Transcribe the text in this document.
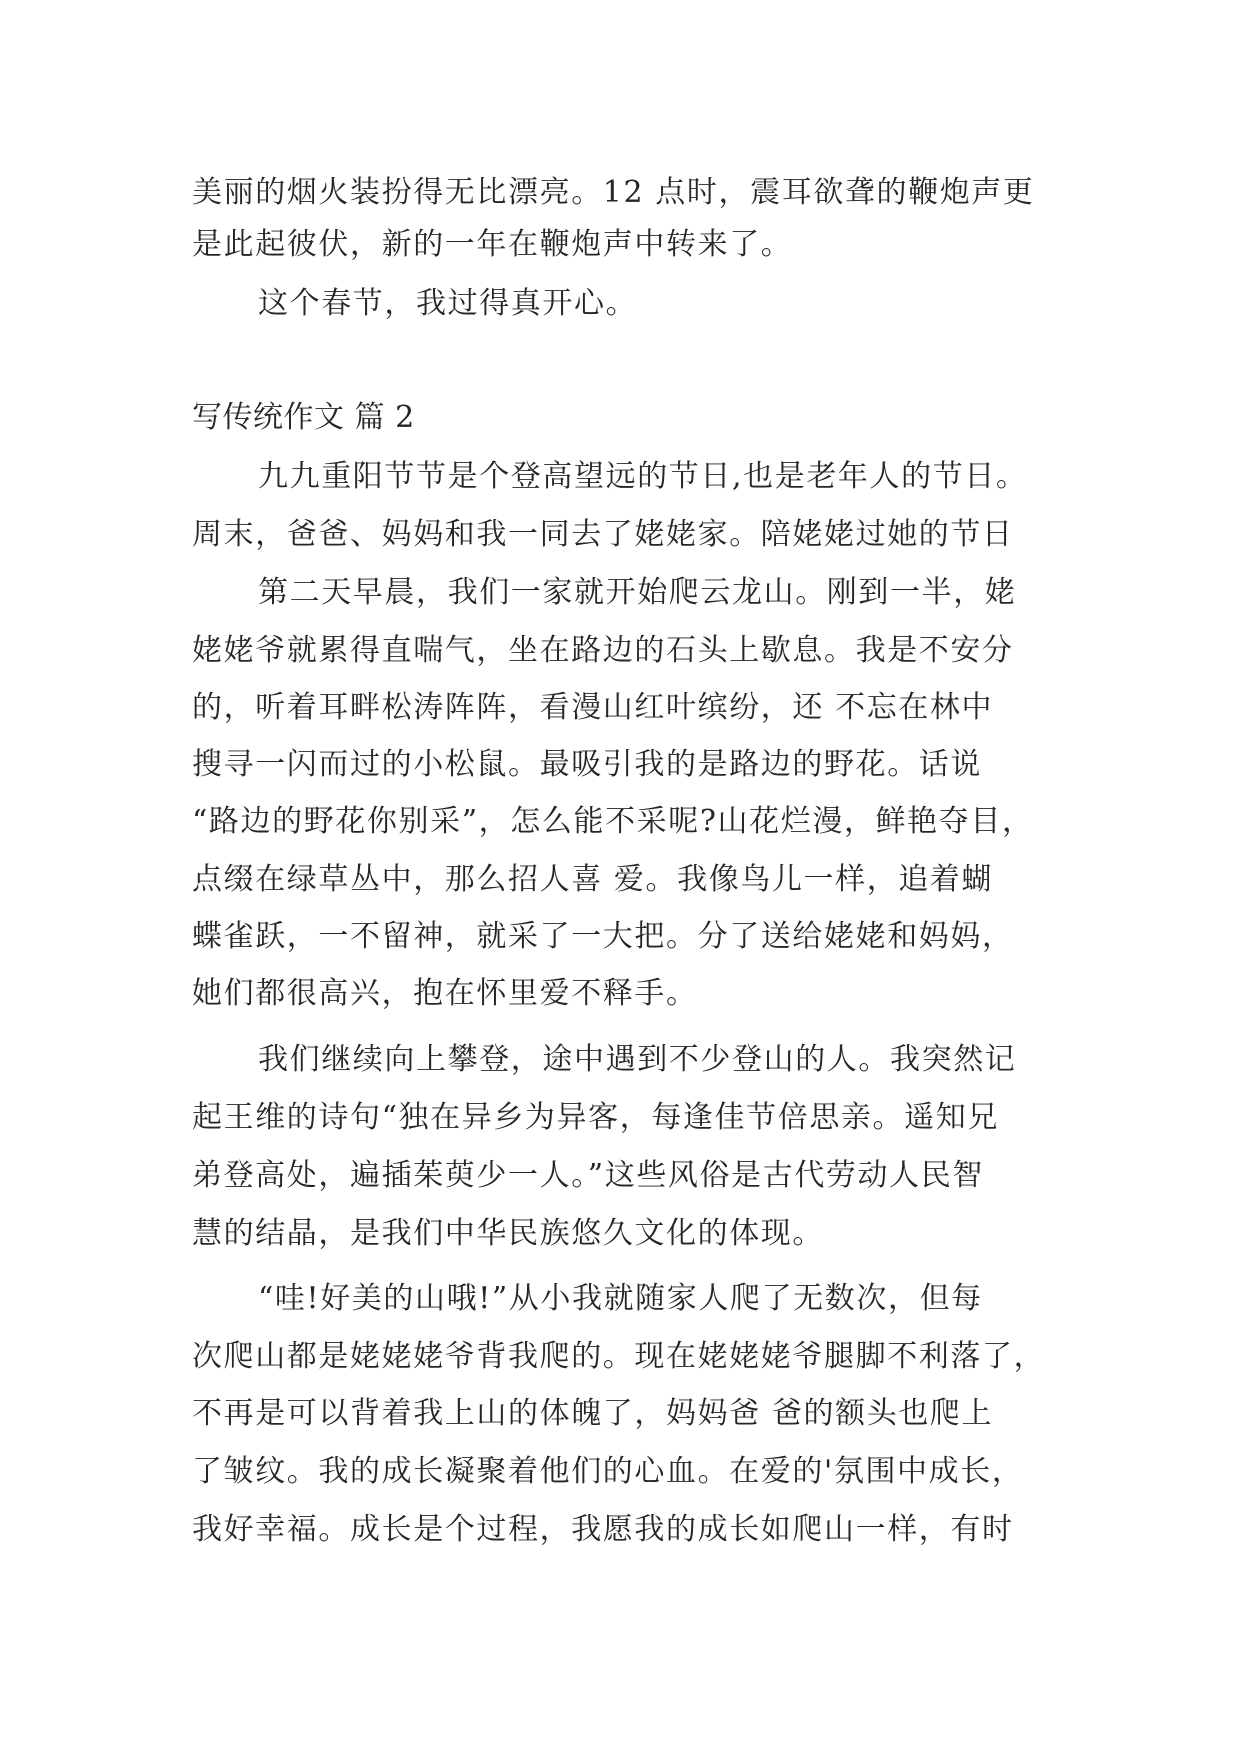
美丽的烟火装扮得无比漂亮。12 点时，震耳欲聋的鞭炮声更
是此起彼伏，新的一年在鞭炮声中转来了。
这个春节，我过得真开心。
写传统作文 篇 2
九九重阳节节是个登高望远的节日,也是老年人的节日。
周末，爸爸、妈妈和我一同去了姥姥家。陪姥姥过她的节日
第二天早晨，我们一家就开始爬云龙山。刚到一半，姥
姥姥爷就累得直喘气，坐在路边的石头上歇息。我是不安分
的，听着耳畔松涛阵阵，看漫山红叶缤纷，还 不忘在林中
搜寻一闪而过的小松鼠。最吸引我的是路边的野花。话说
“路边的野花你别采”，怎么能不采呢?山花烂漫，鲜艳夺目，
点缀在绿草丛中，那么招人喜 爱。我像鸟儿一样，追着蝴
蝶雀跃，一不留神，就采了一大把。分了送给姥姥和妈妈，
她们都很高兴，抱在怀里爱不释手。
我们继续向上攀登，途中遇到不少登山的人。我突然记
起王维的诗句“独在异乡为异客，每逢佳节倍思亲。遥知兄
弟登高处，遍插茱萸少一人。”这些风俗是古代劳动人民智
慧的结晶，是我们中华民族悠久文化的体现。
“哇!好美的山哦!”从小我就随家人爬了无数次，但每
次爬山都是姥姥姥爷背我爬的。现在姥姥姥爷腿脚不利落了，
不再是可以背着我上山的体魄了，妈妈爸 爸的额头也爬上
了皱纹。我的成长凝聚着他们的心血。在爱的'氛围中成长，
我好幸福。成长是个过程，我愿我的成长如爬山一样，有时
